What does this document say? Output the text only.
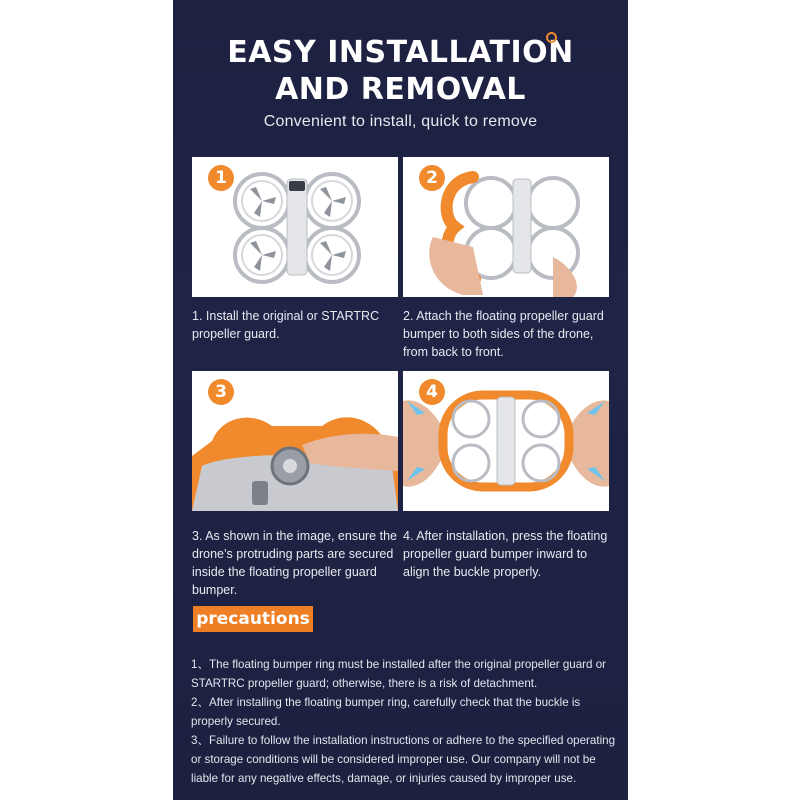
EASY INSTALLATION
AND REMOVAL
Convenient to install, quick to remove
1
1. Install the original or STARTRC propeller guard.
2
2. Attach the floating propeller guard bumper to both sides of the drone, from back to front.
3
3. As shown in the image, ensure the drone’s protruding parts are secured inside the floating propeller guard bumper.
4
4. After installation, press the floating propeller guard bumper inward to align the buckle properly.
precautions

1、The floating bumper ring must be installed after the original propeller guard or STARTRC propeller guard; otherwise, there is a risk of detachment.

2、After installing the floating bumper ring, carefully check that the buckle is properly secured.

3、Failure to follow the installation instructions or adhere to the specified operating or storage conditions will be considered improper use. Our company will not be liable for any negative effects, damage, or injuries caused by improper use.
